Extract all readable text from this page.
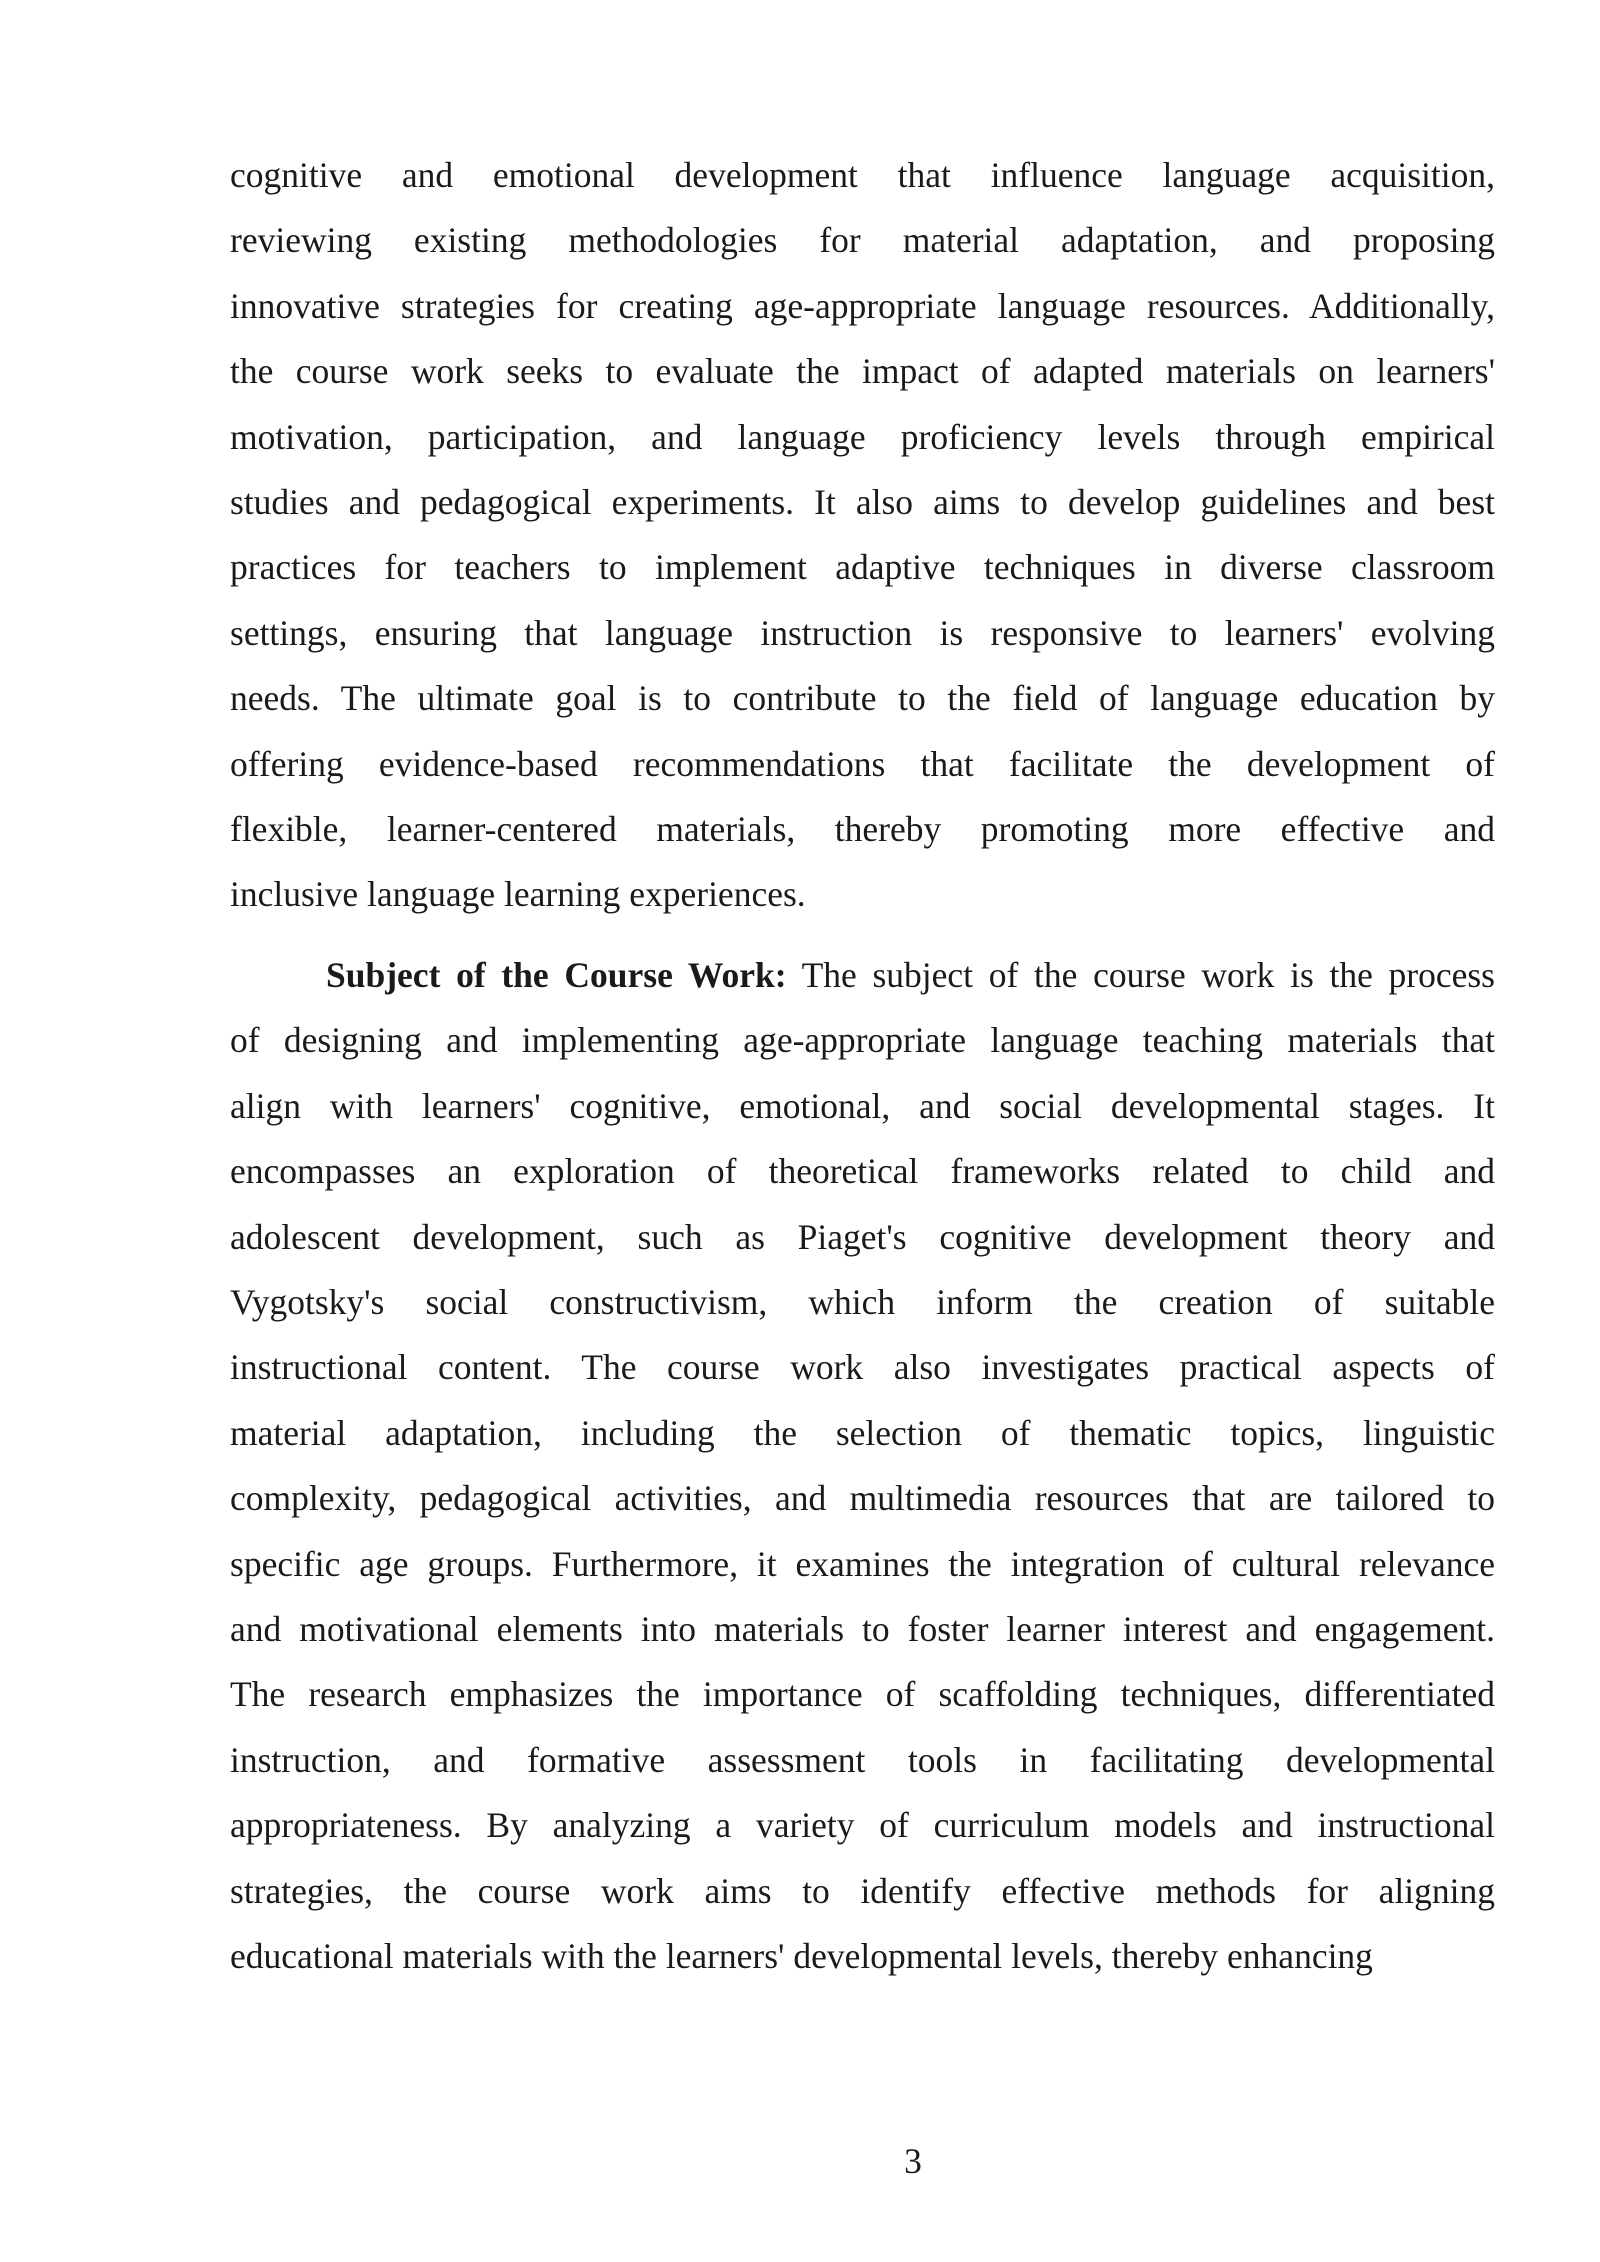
cognitive and emotional development that influence language acquisition,
reviewing existing methodologies for material adaptation, and proposing
innovative strategies for creating age-appropriate language resources. Additionally,
the course work seeks to evaluate the impact of adapted materials on learners'
motivation, participation, and language proficiency levels through empirical
studies and pedagogical experiments. It also aims to develop guidelines and best
practices for teachers to implement adaptive techniques in diverse classroom
settings, ensuring that language instruction is responsive to learners' evolving
needs. The ultimate goal is to contribute to the field of language education by
offering evidence-based recommendations that facilitate the development of
flexible, learner-centered materials, thereby promoting more effective and
inclusive language learning experiences.
Subject of the Course Work: The subject of the course work is the process
of designing and implementing age-appropriate language teaching materials that
align with learners' cognitive, emotional, and social developmental stages. It
encompasses an exploration of theoretical frameworks related to child and
adolescent development, such as Piaget's cognitive development theory and
Vygotsky's social constructivism, which inform the creation of suitable
instructional content. The course work also investigates practical aspects of
material adaptation, including the selection of thematic topics, linguistic
complexity, pedagogical activities, and multimedia resources that are tailored to
specific age groups. Furthermore, it examines the integration of cultural relevance
and motivational elements into materials to foster learner interest and engagement.
The research emphasizes the importance of scaffolding techniques, differentiated
instruction, and formative assessment tools in facilitating developmental
appropriateness. By analyzing a variety of curriculum models and instructional
strategies, the course work aims to identify effective methods for aligning
educational materials with the learners' developmental levels, thereby enhancing
3
